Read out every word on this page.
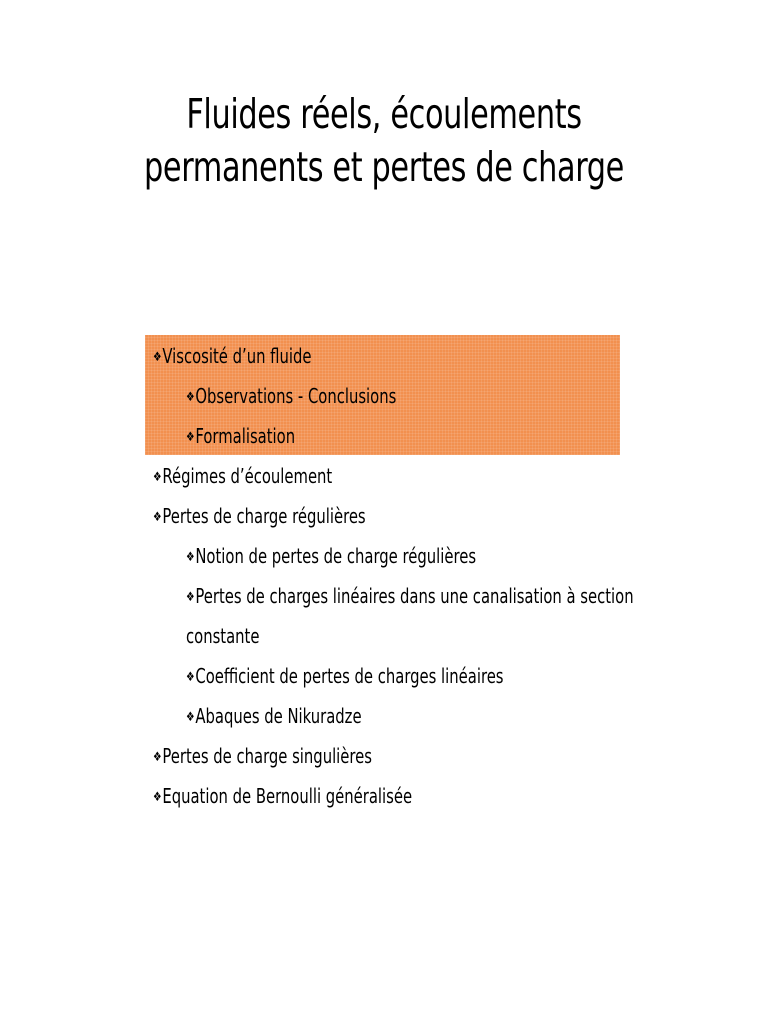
Fluides réels, écoulements
permanents et pertes de charge
❖Viscosité d’un fluide
❖Observations - Conclusions
❖Formalisation
❖Régimes d’écoulement
❖Pertes de charge régulières
❖Notion de pertes de charge régulières
❖Pertes de charges linéaires dans une canalisation à section
constante
❖Coefficient de pertes de charges linéaires
❖Abaques de Nikuradze
❖Pertes de charge singulières
❖Equation de Bernoulli généralisée
